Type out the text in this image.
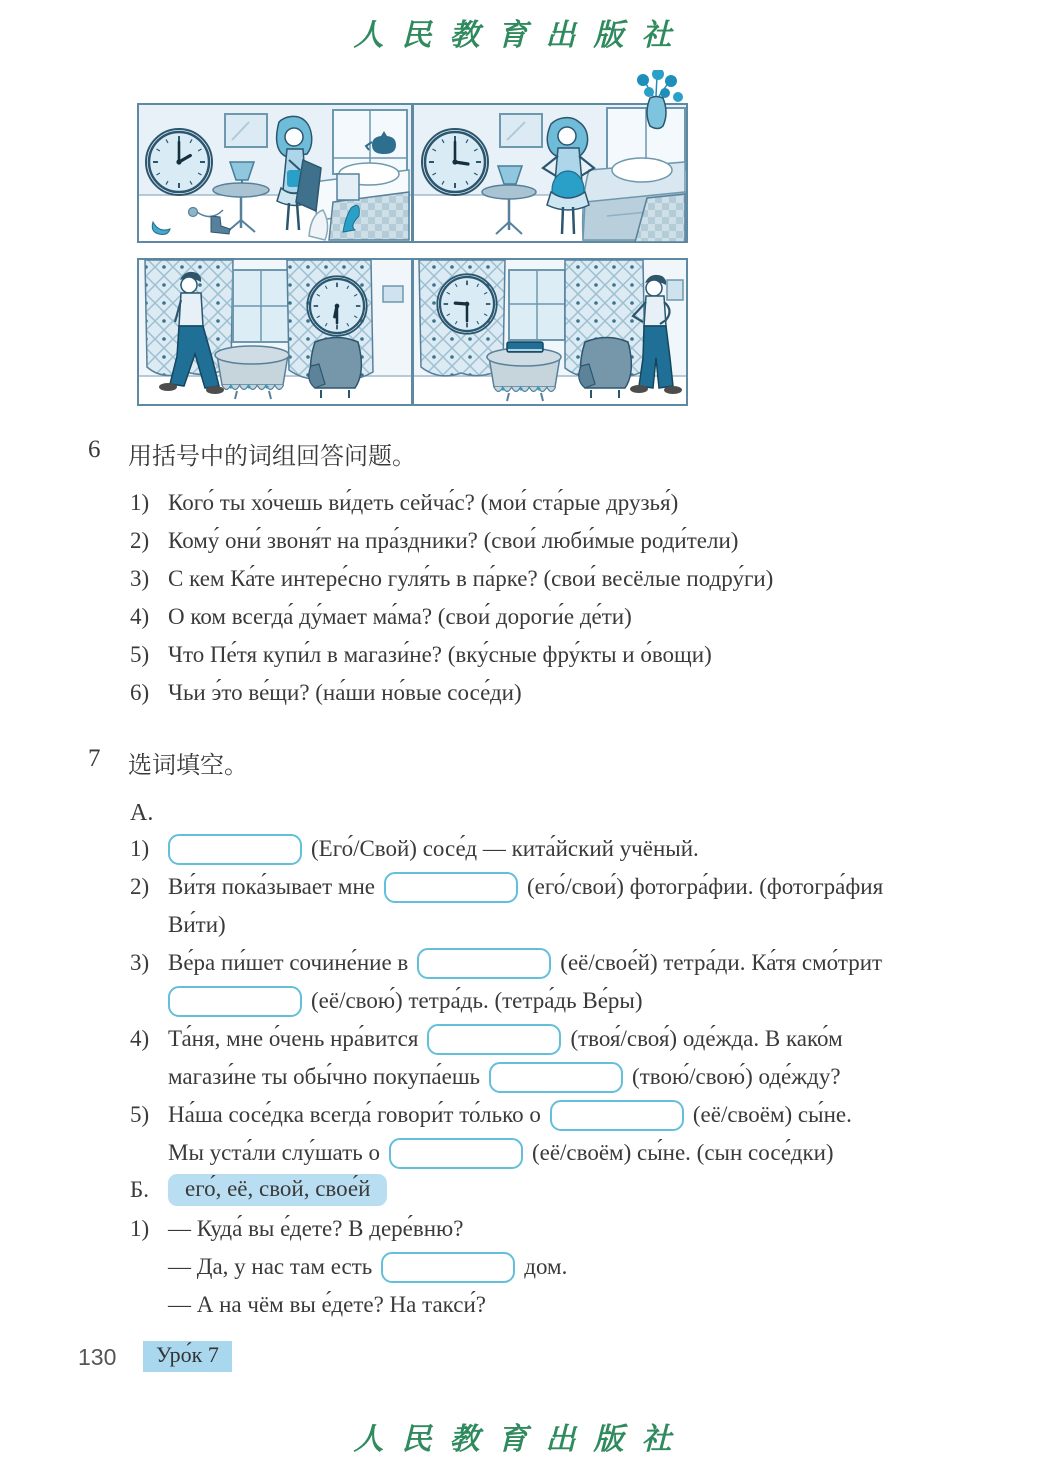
人民教育出版社
6	用括号中的词组回答问题。
1) Кого́ ты хо́чешь ви́деть сейча́с? (мои́ ста́рые друзья́)
2) Кому́ они́ звоня́т на пра́здники? (свои́ люби́мые роди́тели)
3) С кем Ка́те интере́сно гуля́ть в па́рке? (свои́ весёлые подру́ги)
4) О ком всегда́ ду́мает ма́ма? (свои́ дороги́е де́ти)
5) Что Пе́тя купи́л в магази́не? (вку́сные фру́кты и о́вощи)
6) Чьи э́то ве́щи? (на́ши но́вые сосе́ди)
7	选词填空。
А.
1)	(Его́/Свой) сосе́д — кита́йский учёный.
2) Ви́тя пока́зывает мне	(его́/свои́) фотогра́фии. (фотогра́фия
Ви́ти)
3) Ве́ра пи́шет сочине́ние в	(её/свое́й) тетра́ди. Ка́тя смо́трит
(её/свою́) тетра́дь. (тетра́дь Ве́ры)
4) Та́ня, мне о́чень нра́вится	(твоя́/своя́) оде́жда. В како́м
магази́не ты обы́чно покупа́ешь	(твою́/свою́) оде́жду?
5) На́ша сосе́дка всегда́ говори́т то́лько о	(её/своём) сы́не.
Мы уста́ли слу́шать о	(её/своём) сы́не. (сын сосе́дки)
Б.	его́, её, свой, свое́й
1) — Куда́ вы е́дете? В дере́вню?
— Да, у нас там есть	дом.
— А на чём вы е́дете? На такси́?
130	Уро́к 7
人民教育出版社
